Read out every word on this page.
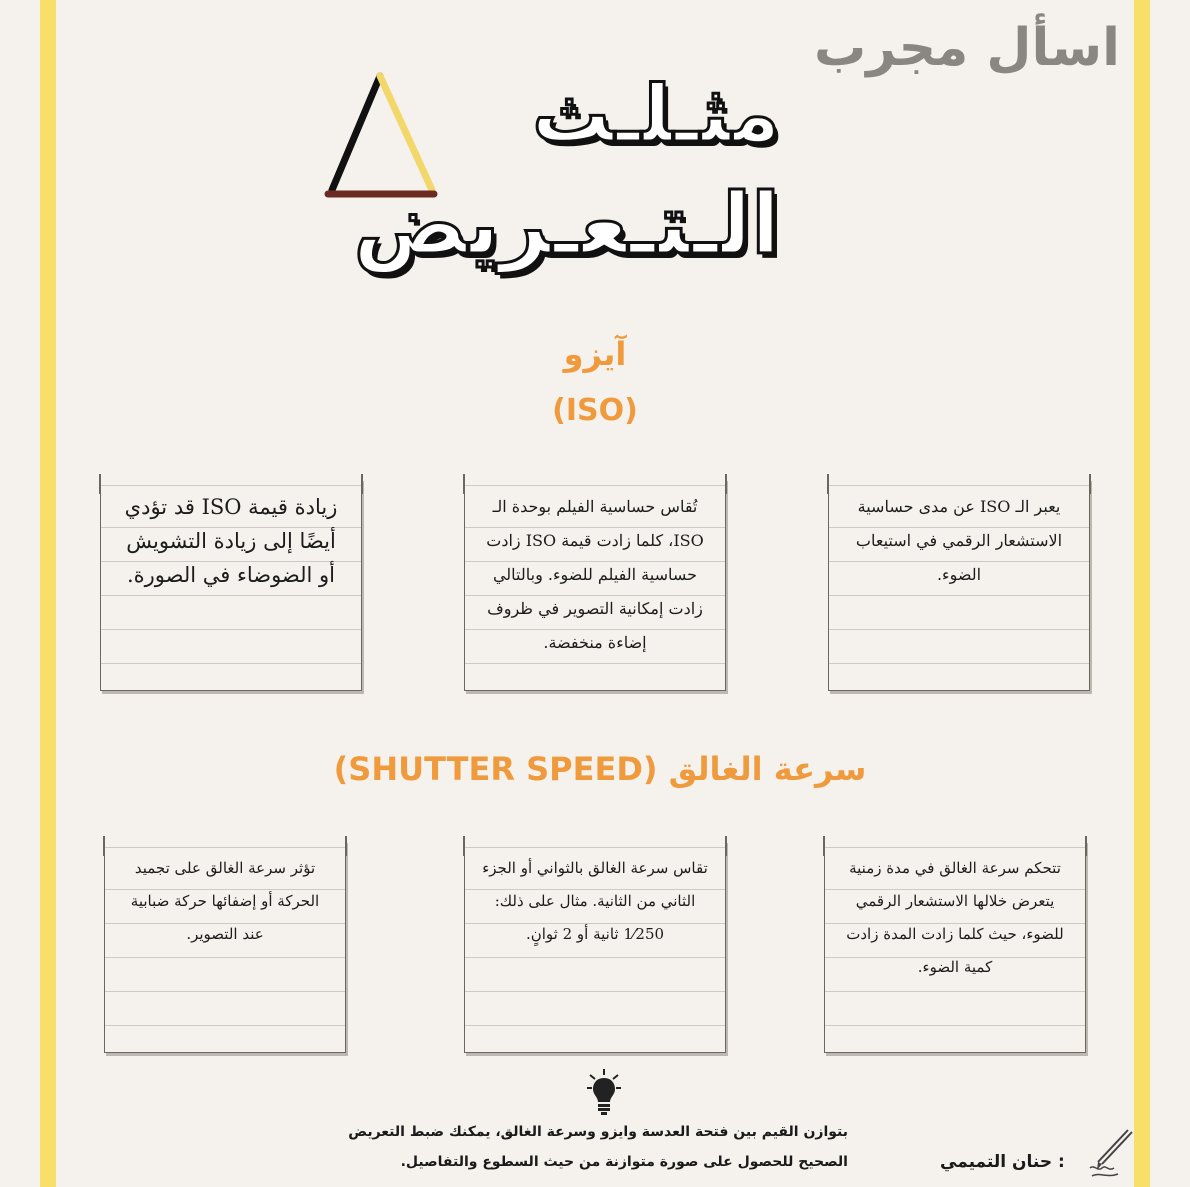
اسأل مجرب
مثـلـث
الـتـعـريض
آيزو
(ISO)
زيادة قيمة ISO قد تؤدي أيضًا إلى زيادة التشويش أو الضوضاء في الصورة.
تُقاس حساسية الفيلم بوحدة الـ ISO، كلما زادت قيمة ISO زادت حساسية الفيلم للضوء. وبالتالي زادت إمكانية التصوير في ظروف إضاءة منخفضة.
يعبر الـ ISO عن مدى حساسية الاستشعار الرقمي في استيعاب الضوء.
سرعة الغالق (SHUTTER SPEED)
تؤثر سرعة الغالق على تجميد الحركة أو إضفائها حركة ضبابية عند التصوير.
تقاس سرعة الغالق بالثواني أو الجزء الثاني من الثانية. مثال على ذلك: 1⁄250 ثانية أو 2 ثوانٍ.
تتحكم سرعة الغالق في مدة زمنية يتعرض خلالها الاستشعار الرقمي للضوء، حيث كلما زادت المدة زادت كمية الضوء.
بتوازن القيم بين فتحة العدسة وايزو وسرعة الغالق، يمكنك ضبط التعريض
الصحيح للحصول على صورة متوازنة من حيث السطوع والتفاصيل.	: حنان التميمي
